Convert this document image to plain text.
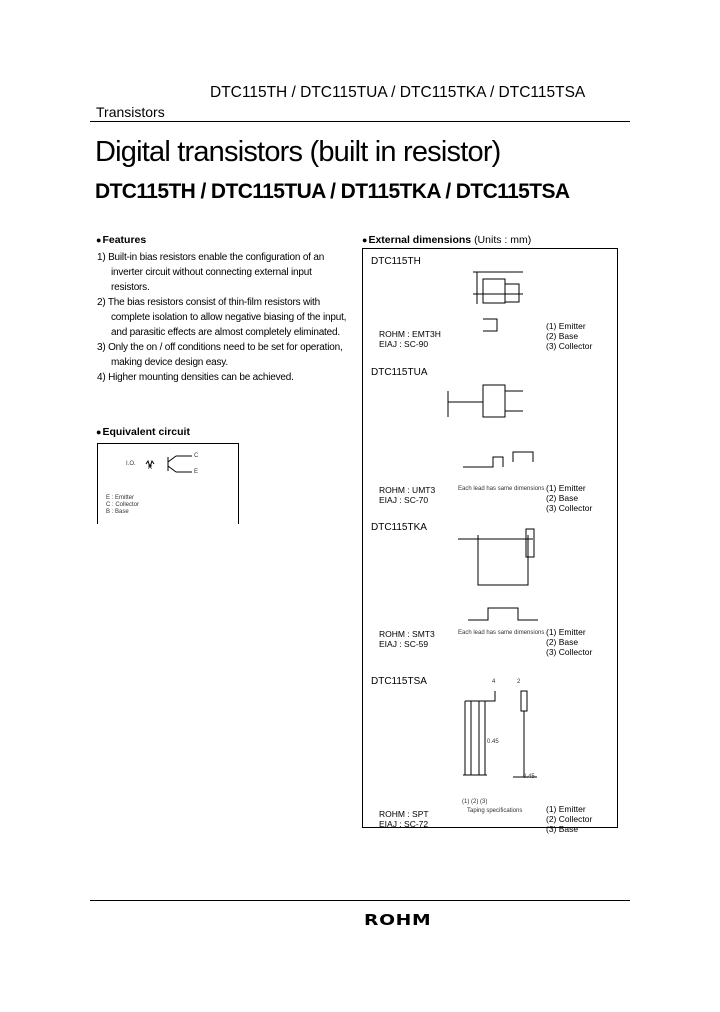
DTC115TH / DTC115TUA / DTC115TKA / DTC115TSA
Transistors
Digital transistors (built in resistor)
DTC115TH / DTC115TUA / DT115TKA / DTC115TSA
● Features
1) Built-in bias resistors enable the configuration of an inverter circuit without connecting external input resistors.
2) The bias resistors consist of thin-film resistors with complete isolation to allow negative biasing of the input, and parasitic effects are almost completely eliminated.
3) Only the on / off conditions need to be set for operation, making device design easy.
4) Higher mounting densities can be achieved.
● Equivalent circuit
I.O.
R
C
E
E : Emitter
C : Collector
B : Base
● External dimensions (Units : mm)
DTC115TH
ROHM : EMT3H
EIAJ : SC-90
(1) Emitter
(2) Base
(3) Collector
DTC115TUA
ROHM : UMT3
EIAJ : SC-70
Each lead has same dimensions (1) Emitter
(2) Base
(3) Collector
DTC115TKA
ROHM : SMT3
EIAJ : SC-59
Each lead has same dimensions (1) Emitter
(2) Base
(3) Collector
DTC115TSA	4	2
0.45
0.45
(1) (2) (3)
ROHM : SPT
EIAJ : SC-72
Taping specifications	(1) Emitter
(2) Collector
(3) Base
ROHM
